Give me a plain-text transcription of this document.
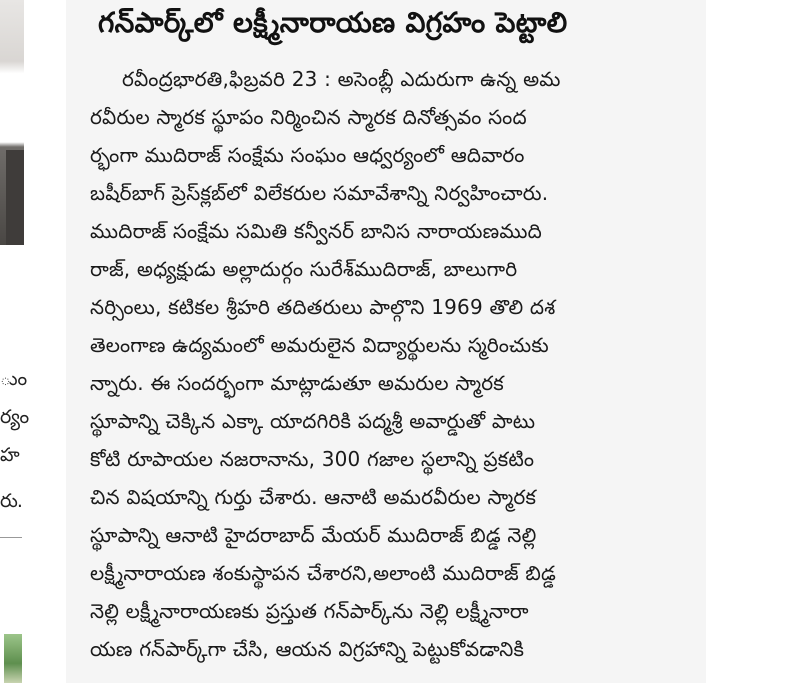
ుం
ర్యం
హ
రు.
గన్‌పార్క్‌లో లక్ష్మీనారాయణ విగ్రహం పెట్టాలి
రవీంద్రభారతి,ఫిబ్రవరి 23 : అసెంబ్లీ ఎదురుగా ఉన్న అమ
రవీరుల స్మారక స్థూపం నిర్మించిన స్మారక దినోత్సవం సంద
ర్భంగా ముదిరాజ్ సంక్షేమ సంఘం ఆధ్వర్యంలో ఆదివారం
బషీర్‌బాగ్ ప్రెస్‌క్లబ్‌లో విలేకరుల సమావేశాన్ని నిర్వహించారు.
ముదిరాజ్ సంక్షేమ సమితి కన్వీనర్ బానిస నారాయణముది
రాజ్, అధ్యక్షుడు అల్లాదుర్గం సురేశ్‌ముదిరాజ్, బాలుగారి
నర్సింలు, కటికల శ్రీహరి తదితరులు పాల్గొని 1969 తొలి దశ
తెలంగాణ ఉద్యమంలో అమరులైన విద్యార్థులను స్మరించుకు
న్నారు. ఈ సందర్భంగా మాట్లాడుతూ అమరుల స్మారక
స్థూపాన్ని చెక్కిన ఎక్కా యాదగిరికి పద్మశ్రీ అవార్డుతో పాటు
కోటి రూపాయల నజరానాను, 300 గజాల స్థలాన్ని ప్రకటిం
చిన విషయాన్ని గుర్తు చేశారు. ఆనాటి అమరవీరుల స్మారక
స్థూపాన్ని ఆనాటి హైదరాబాద్ మేయర్ ముదిరాజ్ బిడ్డ నెల్లి
లక్ష్మీనారాయణ శంకుస్థాపన చేశారని,అలాంటి ముదిరాజ్ బిడ్డ
నెల్లి లక్ష్మీనారాయణకు ప్రస్తుత గన్‌పార్క్‌ను నెల్లి లక్ష్మీనారా
యణ గన్‌పార్క్‌గా చేసి, ఆయన విగ్రహాన్ని పెట్టుకోవడానికి
